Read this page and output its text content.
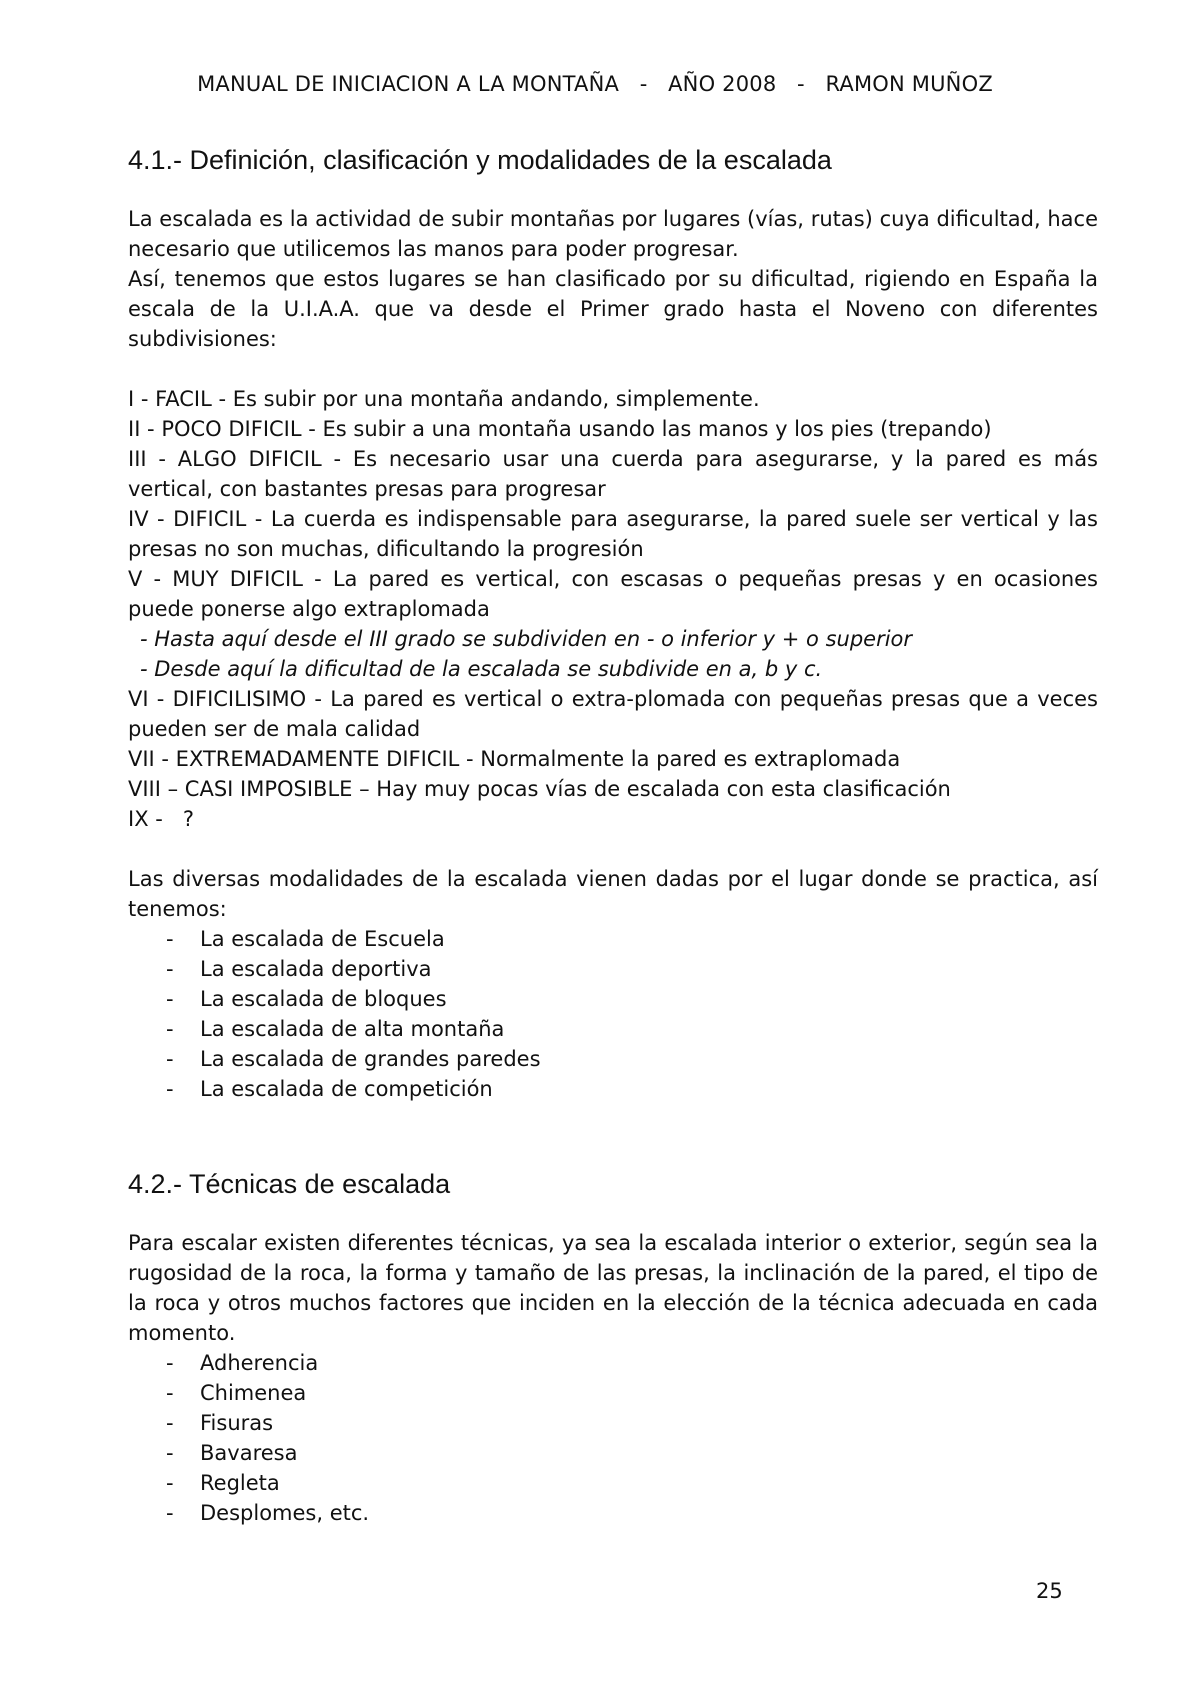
MANUAL DE INICIACION A LA MONTAÑA   -   AÑO 2008   -   RAMON MUÑOZ
4.1.- Definición, clasificación y modalidades de la escalada

La escalada es la actividad de subir montañas por lugares (vías, rutas) cuya dificultad, hace necesario que utilicemos las manos para poder progresar.

Así, tenemos que estos lugares se han clasificado por su dificultad, rigiendo en España la escala de la U.I.A.A. que va desde el Primer grado hasta el Noveno con diferentes subdivisiones:

I - FACIL - Es subir por una montaña andando, simplemente.

II - POCO DIFICIL - Es subir a una montaña usando las manos y los pies (trepando)

III - ALGO DIFICIL - Es necesario usar una cuerda para asegurarse, y la pared es más vertical, con bastantes presas para progresar

IV - DIFICIL - La cuerda es indispensable para asegurarse, la pared suele ser vertical y las presas no son muchas, dificultando la progresión

V - MUY DIFICIL - La pared es vertical, con escasas o pequeñas presas y en ocasiones puede ponerse algo extraplomada

- Hasta aquí desde el III grado se subdividen en - o inferior y + o superior

- Desde aquí la dificultad de la escalada se subdivide en a, b y c.

VI - DIFICILISIMO - La pared es vertical o extra-plomada con pequeñas presas que a veces pueden ser de mala calidad

VII - EXTREMADAMENTE DIFICIL - Normalmente la pared es extraplomada

VIII – CASI IMPOSIBLE – Hay muy pocas vías de escalada con esta clasificación

IX -   ?

Las diversas modalidades de la escalada vienen dadas por el lugar donde se practica, así tenemos:

- La escalada de Escuela
- La escalada deportiva
- La escalada de bloques
- La escalada de alta montaña
- La escalada de grandes paredes
- La escalada de competición
4.2.- Técnicas de escalada

Para escalar existen diferentes técnicas, ya sea la escalada interior o exterior, según sea la rugosidad de la roca, la forma y tamaño de las presas, la inclinación de la pared, el tipo de la roca y otros muchos factores que inciden en la elección de la técnica adecuada en cada momento.

- Adherencia
- Chimenea
- Fisuras
- Bavaresa
- Regleta
- Desplomes, etc.
25
